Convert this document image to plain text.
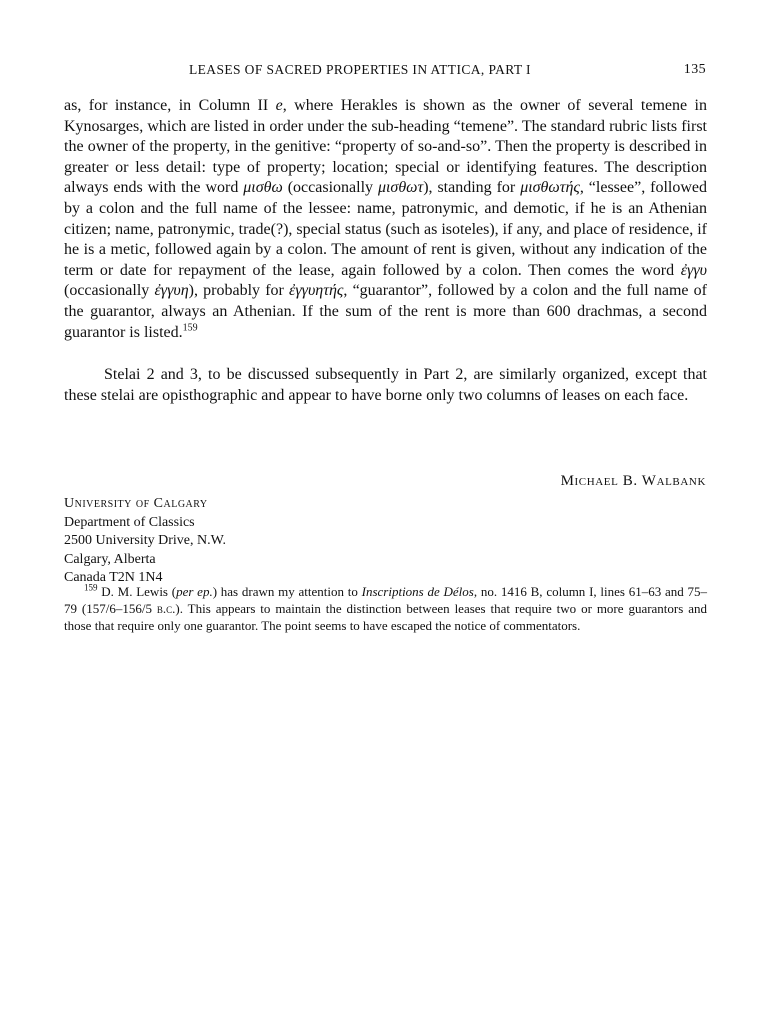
LEASES OF SACRED PROPERTIES IN ATTICA, PART I	135

as, for instance, in Column II e, where Herakles is shown as the owner of several temene in Kynosarges, which are listed in order under the sub-heading “temene”. The standard rubric lists first the owner of the property, in the genitive: “property of so-and-so”. Then the property is described in greater or less detail: type of property; location; special or identifying features. The description always ends with the word μισθω (occasionally μισθωτ), standing for μισθωτής, “lessee”, followed by a colon and the full name of the lessee: name, patronymic, and demotic, if he is an Athenian citizen; name, patronymic, trade(?), special status (such as isoteles), if any, and place of residence, if he is a metic, followed again by a colon. The amount of rent is given, without any indication of the term or date for repayment of the lease, again followed by a colon. Then comes the word ἐγγυ (occasionally ἐγγυη), probably for ἐγγυητής, “guarantor”, followed by a colon and the full name of the guarantor, always an Athenian. If the sum of the rent is more than 600 drachmas, a second guarantor is listed.$^{159}$

Stelai 2 and 3, to be discussed subsequently in Part 2, are similarly organized, except that these stelai are opisthographic and appear to have borne only two columns of leases on each face.

Michael B. Walbank
University of Calgary
Department of Classics
2500 University Drive, N.W.
Calgary, Alberta
Canada T2N 1N4
$^{159}$ D. M. Lewis (per ep.) has drawn my attention to Inscriptions de Délos, no. 1416 B, column I, lines 61–63 and 75–79 (157/6–156/5 b.c.). This appears to maintain the distinction between leases that require two or more guarantors and those that require only one guarantor. The point seems to have escaped the notice of commentators.
